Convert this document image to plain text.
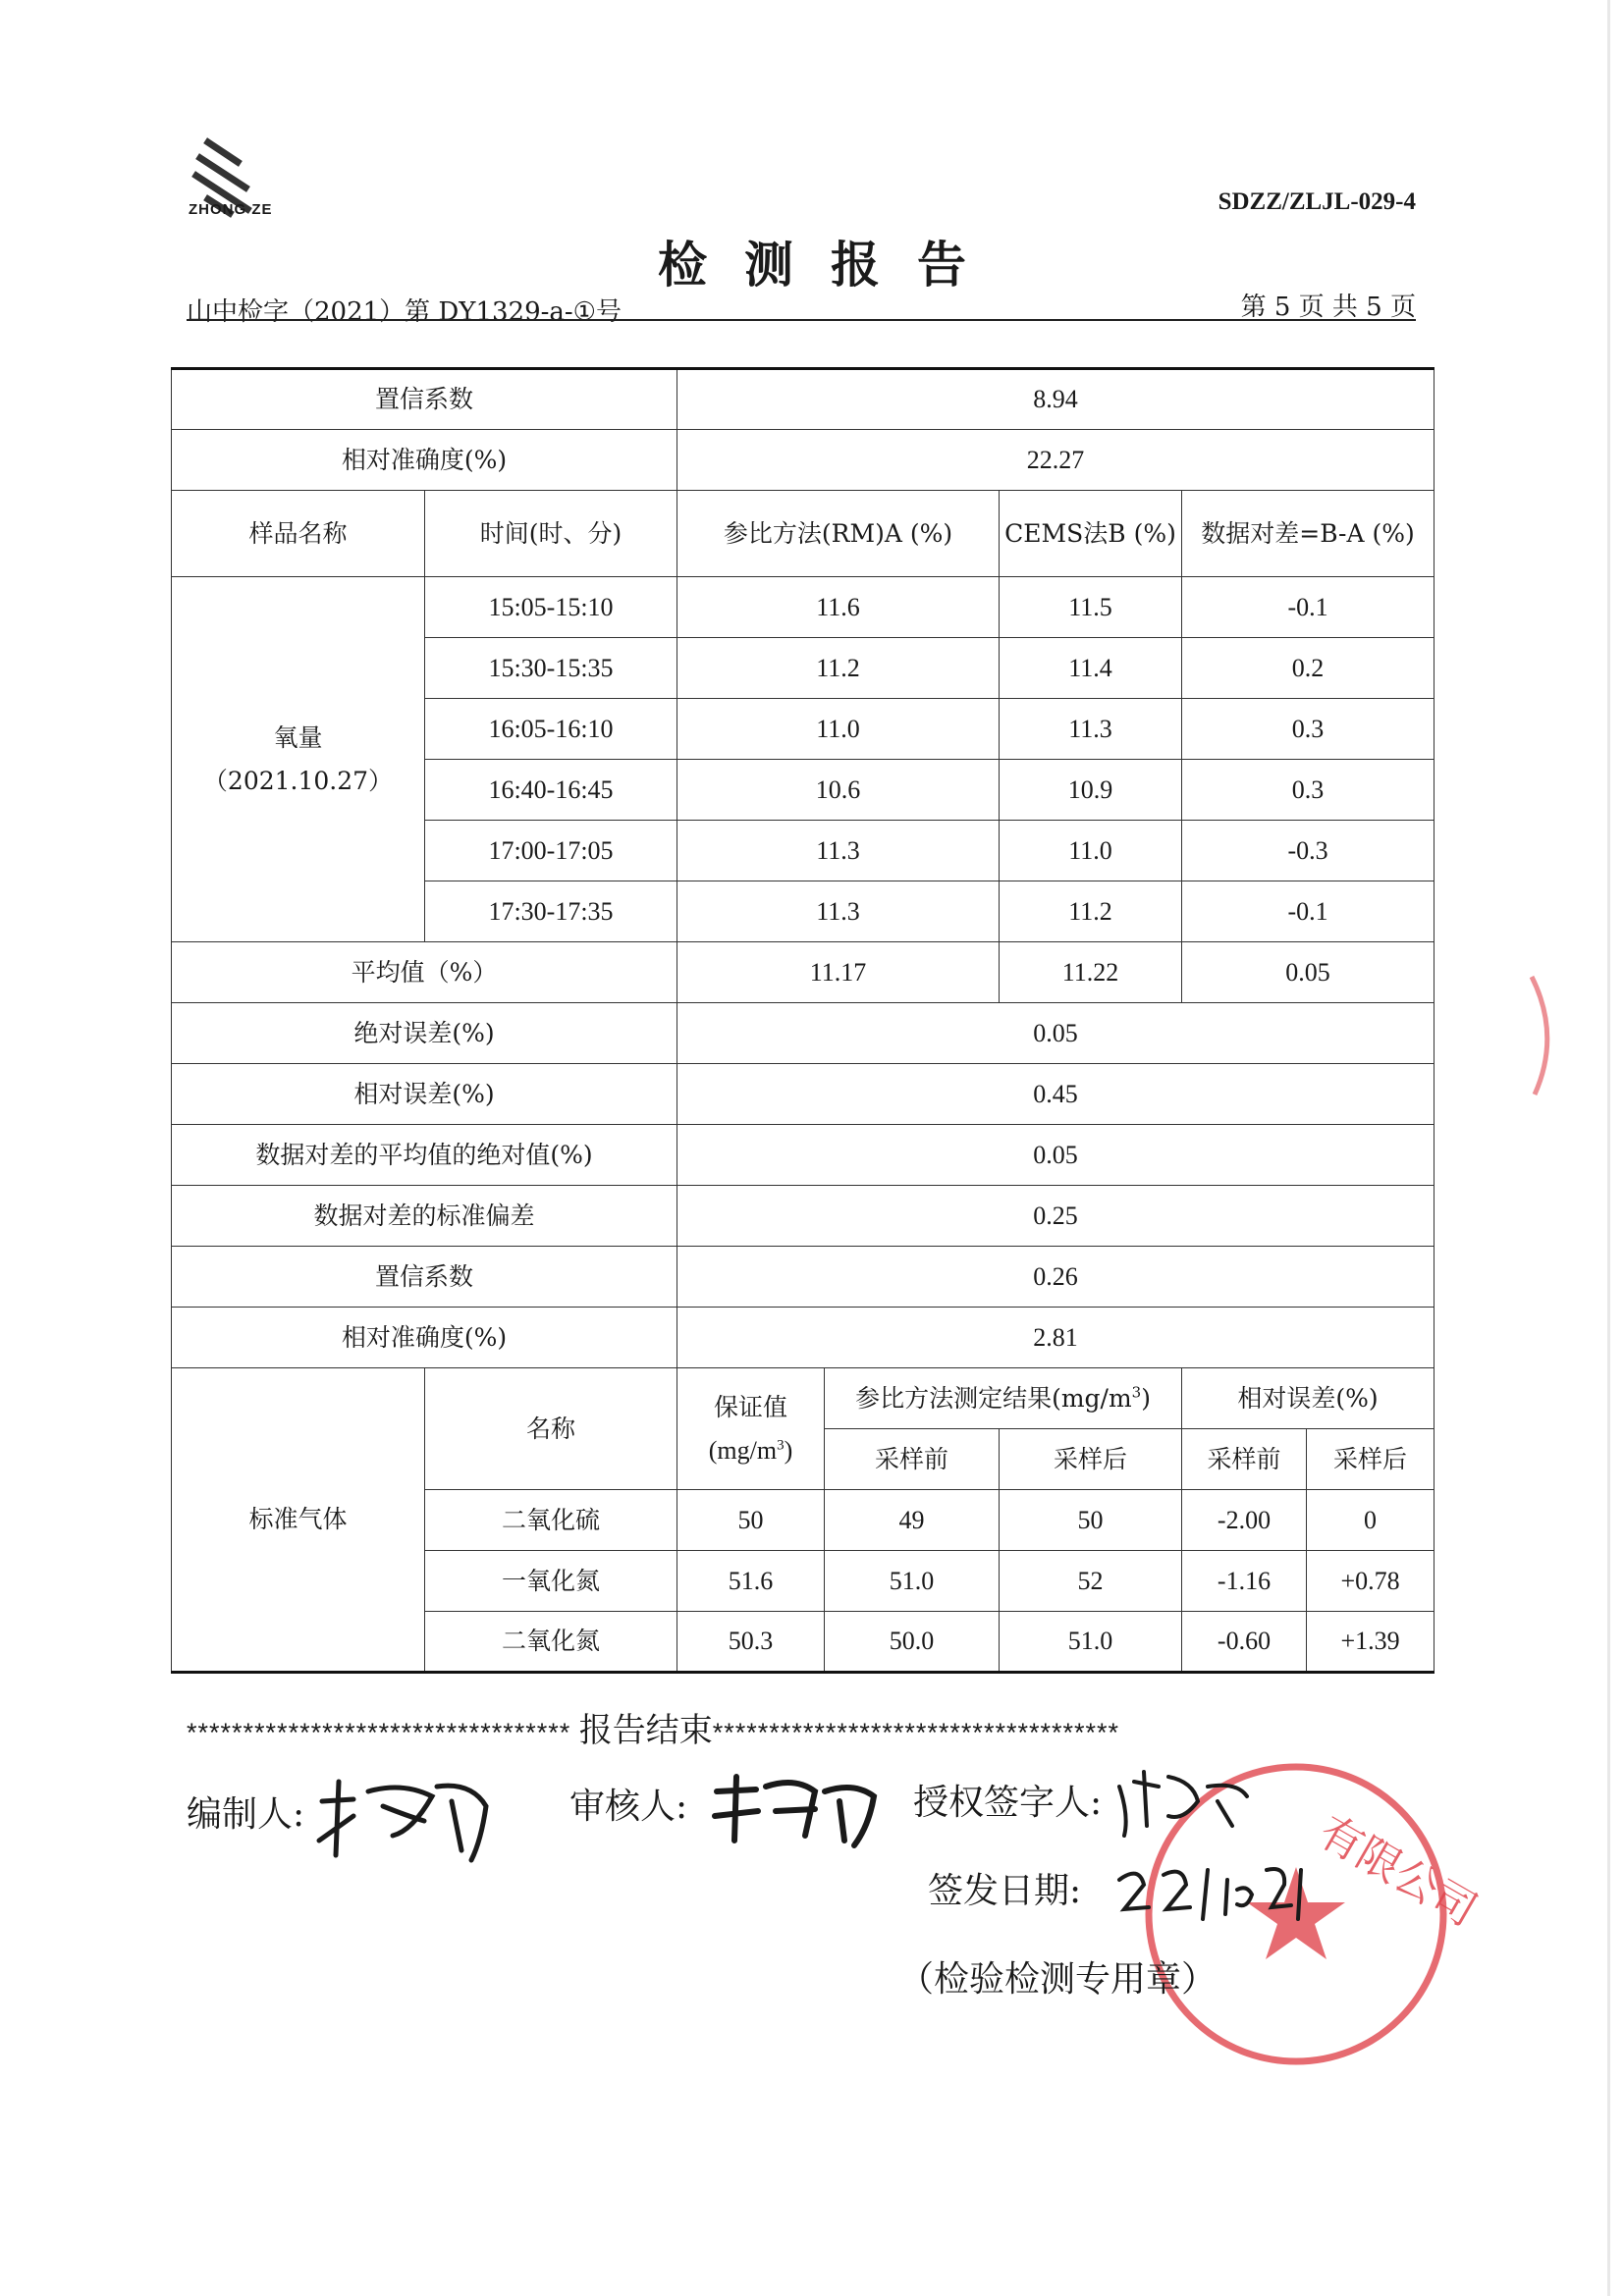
ZHONG ZE	SDZZ/ZLJL-029-4
检测报告
山中检字（2021）第 DY1329-a-①号	第 5 页 共 5 页
置信系数		8.94				
相对准确度(%)		22.27				
样品名称	时间(时、分)	参比方法(RM)A (%)		CEMS法B (%)	数据对差=B-A (%)	

氧量
（2021.10.27）	15:05-15:10	11.6		11.5	-0.1	
	15:30-15:35	11.2		11.4	0.2	
	16:05-16:10	11.0		11.3	0.3	
	16:40-16:45	10.6		10.9	0.3	
	17:00-17:05	11.3		11.0	-0.3	
	17:30-17:35	11.3		11.2	-0.1	
平均值（%）		11.17		11.22	0.05	
绝对误差(%)		0.05				
相对误差(%)		0.45				
数据对差的平均值的绝对值(%)		0.05				
数据对差的标准偏差		0.25				
置信系数		0.26				
相对准确度(%)		2.81				
标准气体	名称	保证值
$(mg/m^3)$	参比方法测定结果$(mg/m^3)$		相对误差(%)	
			采样前	采样后	采样前	采样后
	二氧化硫	50	49	50	-2.00	0
	一氧化氮	51.6	51.0	52	-1.16	+0.78
	二氧化氮	50.3	50.0	51.0	-0.60	+1.39
********************************** 报告结束************************************
有限公司
编制人:	审核人:	授权签字人:
签发日期:
（检验检测专用章）
